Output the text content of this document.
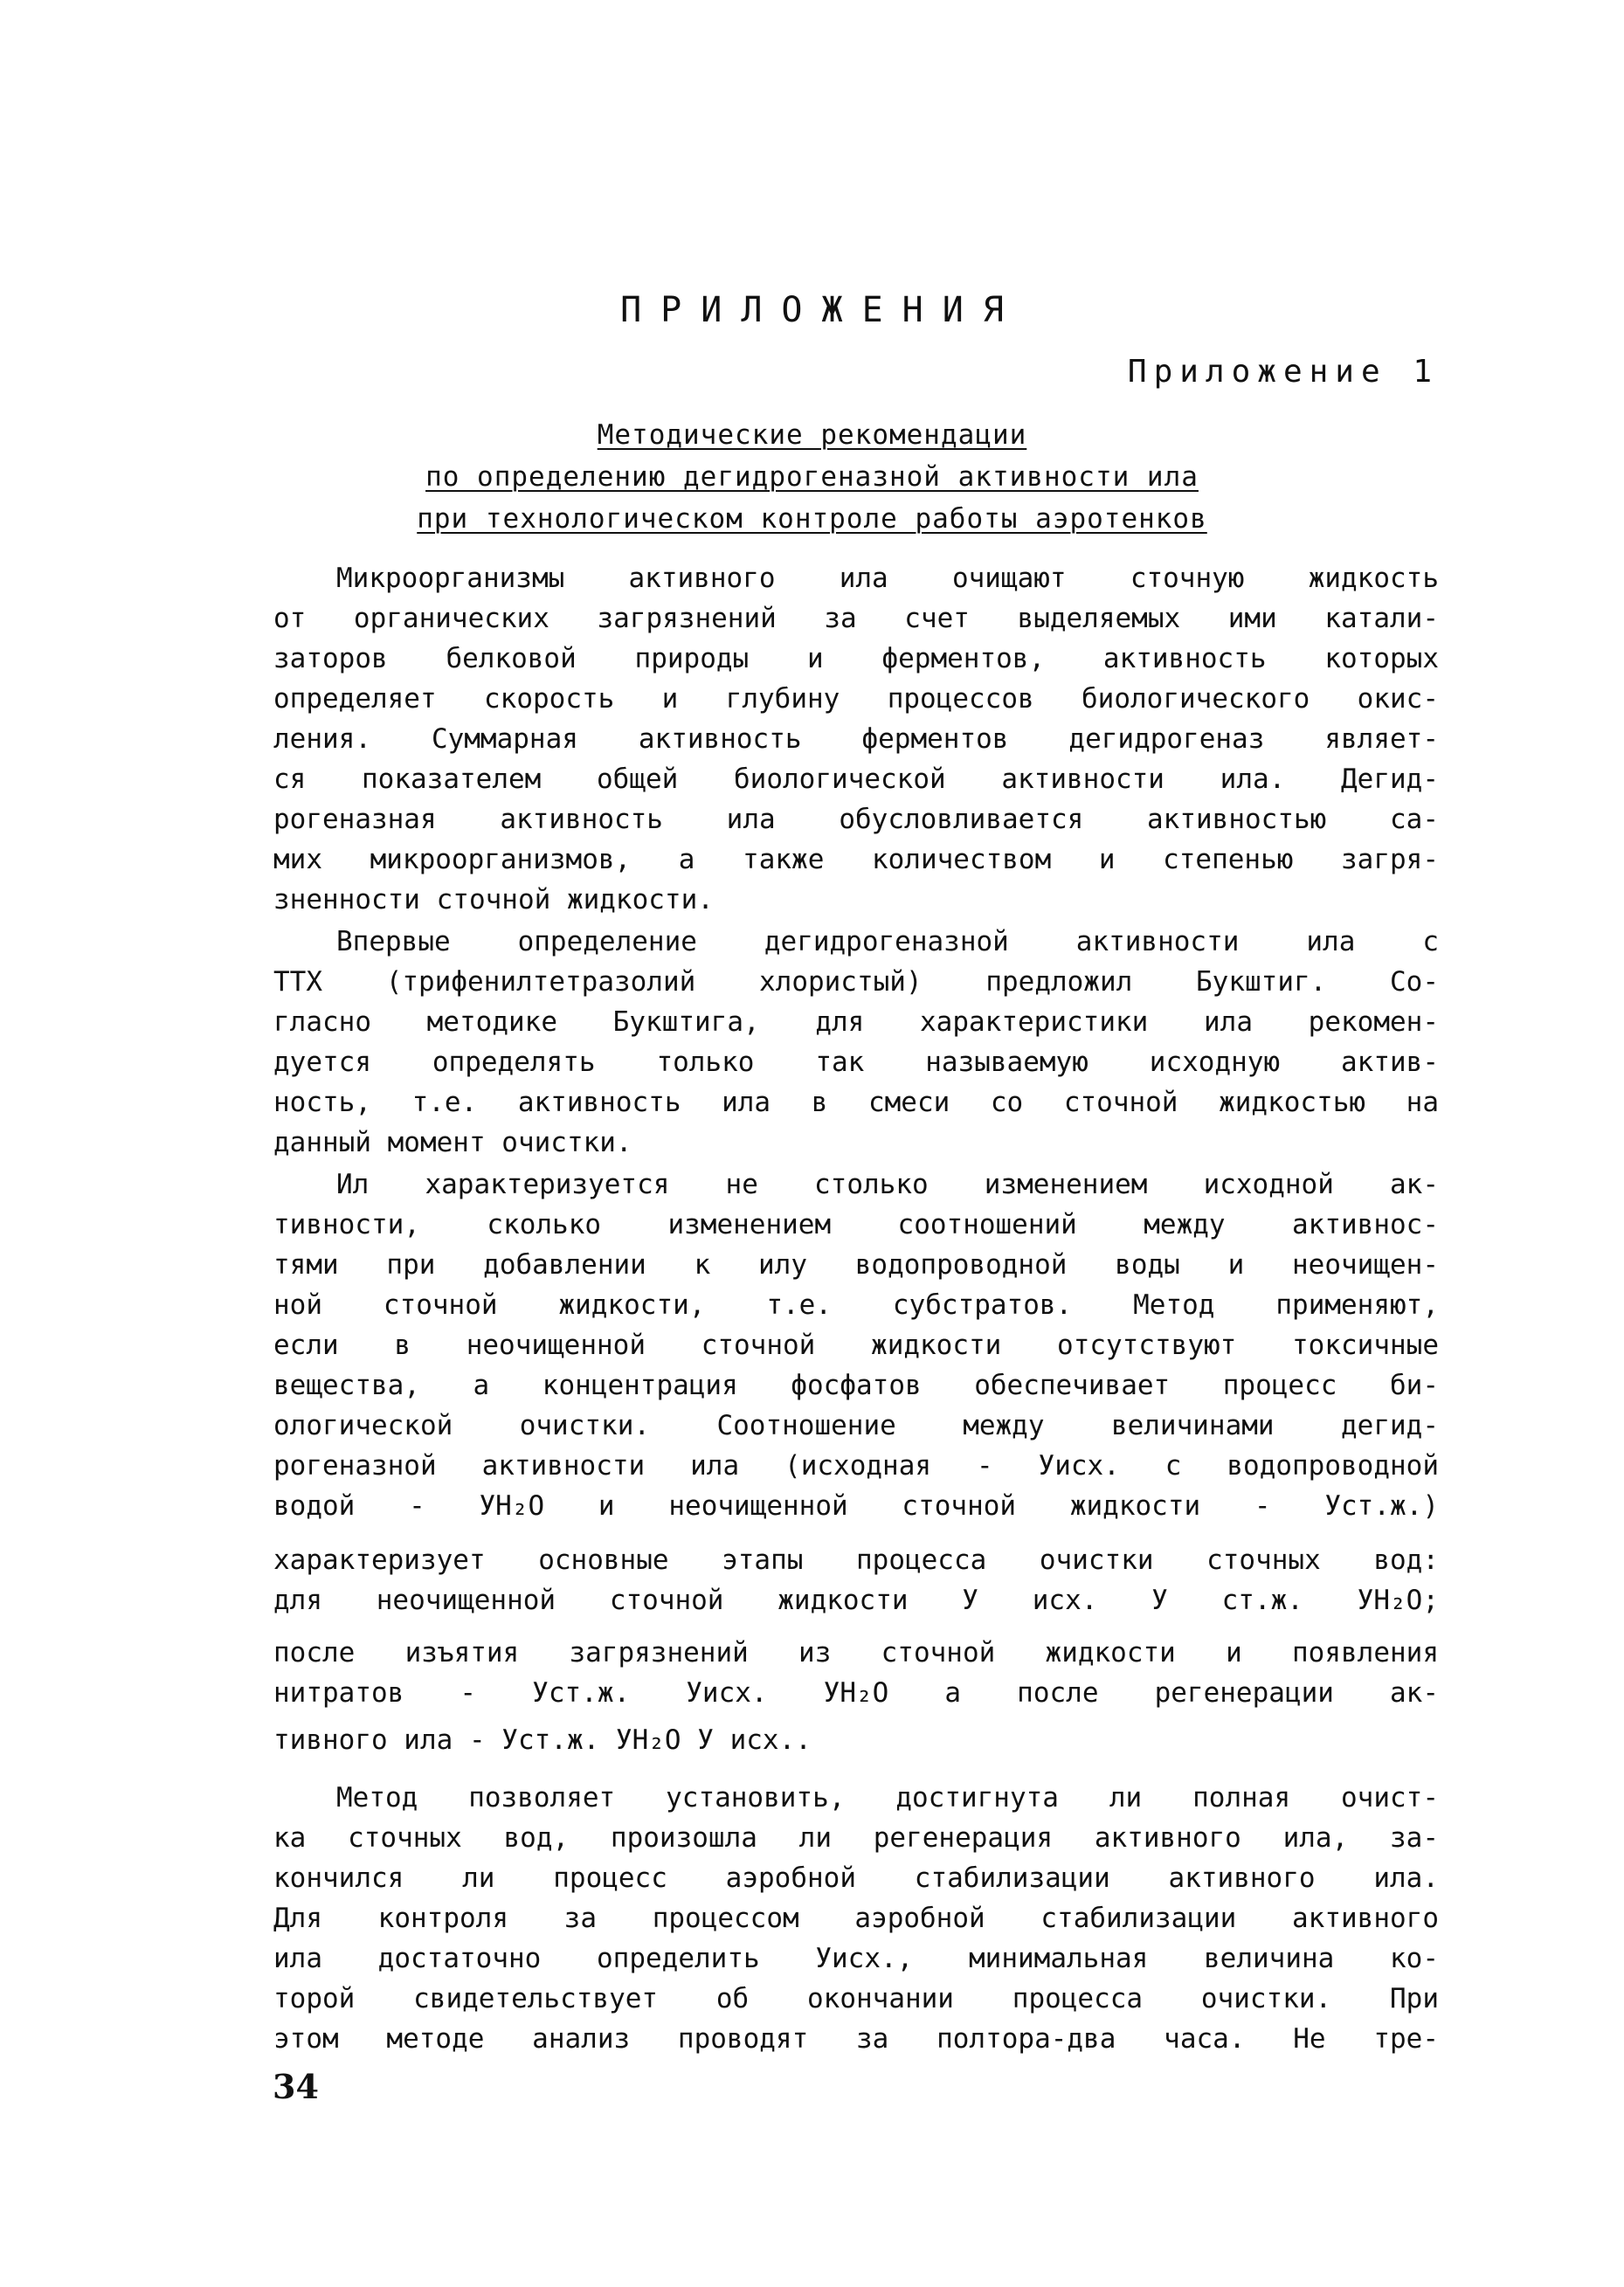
ПРИЛОЖЕНИЯ
Приложение 1
Методические рекомендации
по определению дегидрогеназной активности ила
при технологическом контроле работы аэротенков
Микроорганизмы активного ила очищают сточную жидкость
от органических загрязнений за счет выделяемых ими катали-
заторов белковой природы и ферментов, активность которых
определяет скорость и глубину процессов биологического окис-
ления. Суммарная активность ферментов дегидрогеназ являет-
ся показателем общей биологической активности ила. Дегид-
рогеназная активность ила обусловливается активностью са-
мих микроорганизмов, а также количеством и степенью загря-
зненности сточной жидкости.
Впервые определение дегидрогеназной активности ила с
ТТХ (трифенилтетразолий хлористый) предложил Букштиг. Со-
гласно методике Букштига, для характеристики ила рекомен-
дуется определять только так называемую исходную актив-
ность, т.е. активность ила в смеси со сточной жидкостью на
данный момент очистки.
Ил характеризуется не столько изменением исходной ак-
тивности, сколько изменением соотношений между активнос-
тями при добавлении к илу водопроводной воды и неочищен-
ной сточной жидкости, т.е. субстратов. Метод применяют,
если в неочищенной сточной жидкости отсутствуют токсичные
вещества, а концентрация фосфатов обеспечивает процесс би-
ологической очистки. Соотношение между величинами дегид-
рогеназной активности ила (исходная - Уисх. с водопроводной
водой - УH₂O и неочищенной сточной жидкости - Уст.ж.)
характеризует основные этапы процесса очистки сточных вод:
для неочищенной сточной жидкости У исх. У ст.ж. УH₂O;
после изъятия загрязнений из сточной жидкости и появления
нитратов - Уст.ж. Уисх. УH₂O а после регенерации ак-
тивного ила - Уст.ж. УH₂O У исх..
Метод позволяет установить, достигнута ли полная очист-
ка сточных вод, произошла ли регенерация активного ила, за-
кончился ли процесс аэробной стабилизации активного ила.
Для контроля за процессом аэробной стабилизации активного
ила достаточно определить Уисх., минимальная величина ко-
торой свидетельствует об окончании процесса очистки. При
этом методе анализ проводят за полтора-два часа. Не тре-
34
